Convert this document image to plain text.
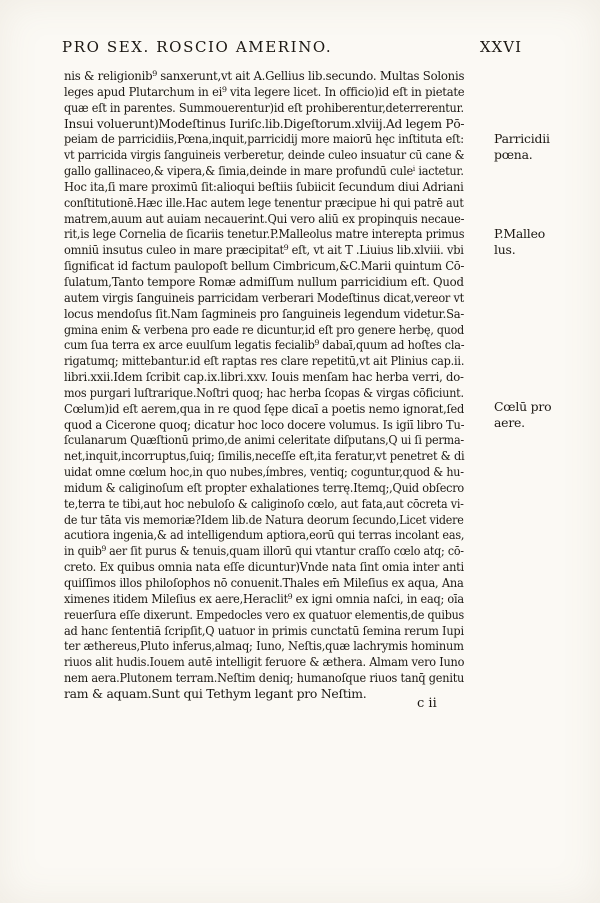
PRO SEX. ROSCIO AMERINO.	XXVI
nis & religionib⁹ sanxerunt,vt ait A.Gellius lib.secundo. Multas Solonis
leges apud Plutarchum in ei⁹ vita legere licet. In officio)id eſt in pietate
quæ eſt in parentes. Summouerentur)id eſt prohiberentur,deterrerentur.
Insui voluerunt)Modeſtinus Iuriſc.lib.Digeſtorum.xlviij.Ad legem Pō-
peiam de parricidiis,Pœna,inquit,parricidij more maiorū hęc inſtituta eſt:
vt parricida virgis ſanguineis verberetur, deinde culeo insuatur cū cane &
gallo gallinaceo,& vipera,& ſimia,deinde in mare profundū culeⁱ iactetur.
Hoc ita,ſi mare proximū ſit:alioqui beſtiis ſubiicit ſecundum diui Adriani
conſtitutionē.Hæc ille.Hac autem lege tenentur præcipue hi qui patrē aut
matrem,auum aut auiam necauerint.Qui vero aliū ex propinquis necaue-
rit,is lege Cornelia de ſicariis tenetur.P.Malleolus matre interepta primus
omniū insutus culeo in mare præcipitat⁹ eſt, vt ait T .Liuius lib.xlviii. vbi
ſignificat id factum paulopoſt bellum Cimbricum,&C.Marii quintum Cō-
ſulatum,Tanto tempore Romæ admiſſum nullum parricidium eſt. Quod
autem virgis ſanguineis parricidam verberari Modeſtinus dicat,vereor vt
locus mendoſus ſit.Nam ſagmineis pro ſanguineis legendum videtur.Sa-
gmina enim & verbena pro eade re dicuntur,id eſt pro genere herbę, quod
cum ſua terra ex arce euulſum legatis fecialib⁹ dabaī,quum ad hoſtes cla-
rigatumq; mittebantur.id eſt raptas res clare repetitū,vt ait Plinius cap.ii.
libri.xxii.Idem ſcribit cap.ix.libri.xxv. Iouis menſam hac herba verri, do-
mos purgari luſtrarique.Noſtri quoq; hac herba ſcopas & virgas cōficiunt.
Cœlum)id eſt aerem,qua in re quod ſępe dicaī a poetis nemo ignorat,ſed
quod a Cicerone quoq; dicatur hoc loco docere volumus. Is igiī libro Tu-
ſculanarum Quæſtionū primo,de animi celeritate diſputans,Q ui ſi perma-
net,inquit,incorruptus,ſuiq; ſimilis,neceſſe eſt,ita feratur,vt penetret & di
uidat omne cœlum hoc,in quo nubes,ímbres, ventiq; coguntur,quod & hu-
midum & caliginoſum eſt propter exhalationes terrę.Itemq;,Quid obſecro
te,terra te tibi,aut hoc nebuloſo & caliginoſo cœlo, aut fata,aut cōcreta vi-
de tur tāta vis memoriæ?Idem lib.de Natura deorum ſecundo,Licet videre
acutiora ingenia,& ad intelligendum aptiora,eorū qui terras incolant eas,
in quib⁹ aer ſit purus & tenuis,quam illorū qui vtantur craſſo cœlo atq; cō-
creto. Ex quibus omnia nata eſſe dicuntur)Vnde nata ſint omia inter anti
quiſſimos illos philoſophos nō conuenit.Thales em̄ Mileſius ex aqua, Ana
ximenes itidem Mileſius ex aere,Heraclit⁹ ex igni omnia naſci, in eaq; oīa
reuerſura eſſe dixerunt. Empedocles vero ex quatuor elementis,de quibus
ad hanc ſententiā ſcripſit,Q uatuor in primis cunctatū ſemina rerum Iupi
ter æthereus,Pluto inferus,almaq; Iuno, Neſtis,quæ lachrymis hominum
riuos alit hudis.Iouem autē intelligit feruore & æthera. Almam vero Iuno
nem aera.Plutonem terram.Neſtim deniq; humanoſque riuos tanq̄ genitu
ram & aquam.Sunt qui Tethym legant pro Neſtim.
Parricidii
pœna.
P.Malleo
lus.
Cœlū pro
aere.
c ii
